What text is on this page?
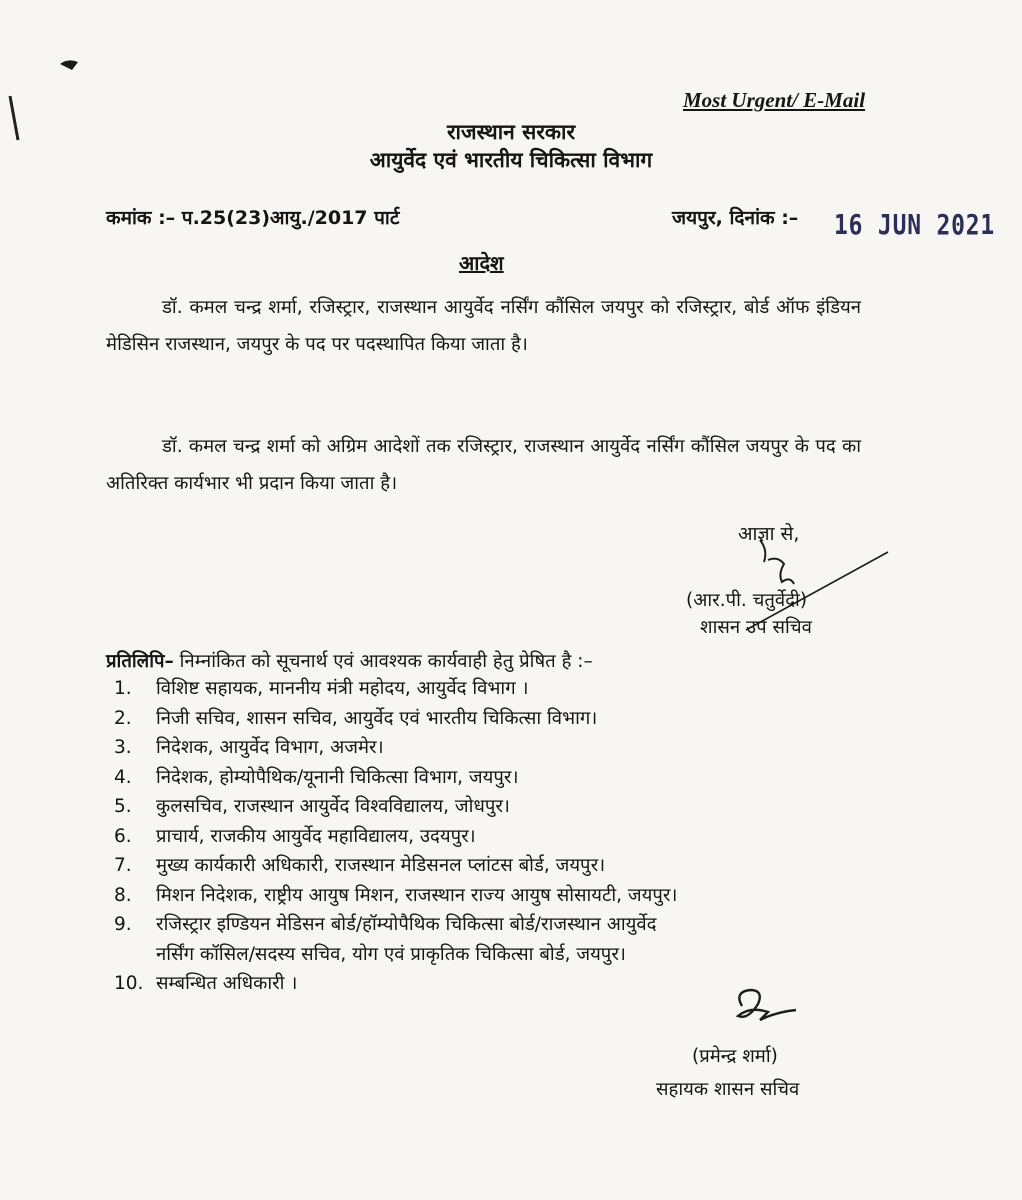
Most Urgent/ E-Mail
राजस्थान सरकार
आयुर्वेद एवं भारतीय चिकित्सा विभाग
कमांक :– प.25(23)आयु./2017 पार्ट	जयपुर, दिनांक :– 16 JUN 2021
आदेश
डॉ. कमल चन्द्र शर्मा, रजिस्ट्रार, राजस्थान आयुर्वेद नर्सिंग कौंसिल जयपुर को रजिस्ट्रार, बोर्ड ऑफ इंडियन मेडिसिन राजस्थान, जयपुर के पद पर पदस्थापित किया जाता है।
डॉ. कमल चन्द्र शर्मा को अग्रिम आदेशों तक रजिस्ट्रार, राजस्थान आयुर्वेद नर्सिंग कौंसिल जयपुर के पद का अतिरिक्त कार्यभार भी प्रदान किया जाता है।
आज्ञा से,
(आर.पी. चतुर्वेदी)
शासन उप सचिव
प्रतिलिपि– निम्नांकित को सूचनार्थ एवं आवश्यक कार्यवाही हेतु प्रेषित है :–
1. विशिष्ट सहायक, माननीय मंत्री महोदय, आयुर्वेद विभाग ।
2. निजी सचिव, शासन सचिव, आयुर्वेद एवं भारतीय चिकित्सा विभाग।
3. निदेशक, आयुर्वेद विभाग, अजमेर।
4. निदेशक, होम्योपैथिक/यूनानी चिकित्सा विभाग, जयपुर।
5. कुलसचिव, राजस्थान आयुर्वेद विश्वविद्यालय, जोधपुर।
6. प्राचार्य, राजकीय आयुर्वेद महाविद्यालय, उदयपुर।
7. मुख्य कार्यकारी अधिकारी, राजस्थान मेडिसनल प्लांटस बोर्ड, जयपुर।
8. मिशन निदेशक, राष्ट्रीय आयुष मिशन, राजस्थान राज्य आयुष सोसायटी, जयपुर।
9. रजिस्ट्रार इण्डियन मेडिसन बोर्ड/हॉम्योपैथिक चिकित्सा बोर्ड/राजस्थान आयुर्वेद
नर्सिंग कॉसिल/सदस्य सचिव, योग एवं प्राकृतिक चिकित्सा बोर्ड, जयपुर।
10. सम्बन्धित अधिकारी ।
(प्रमेन्द्र शर्मा)
सहायक शासन सचिव
